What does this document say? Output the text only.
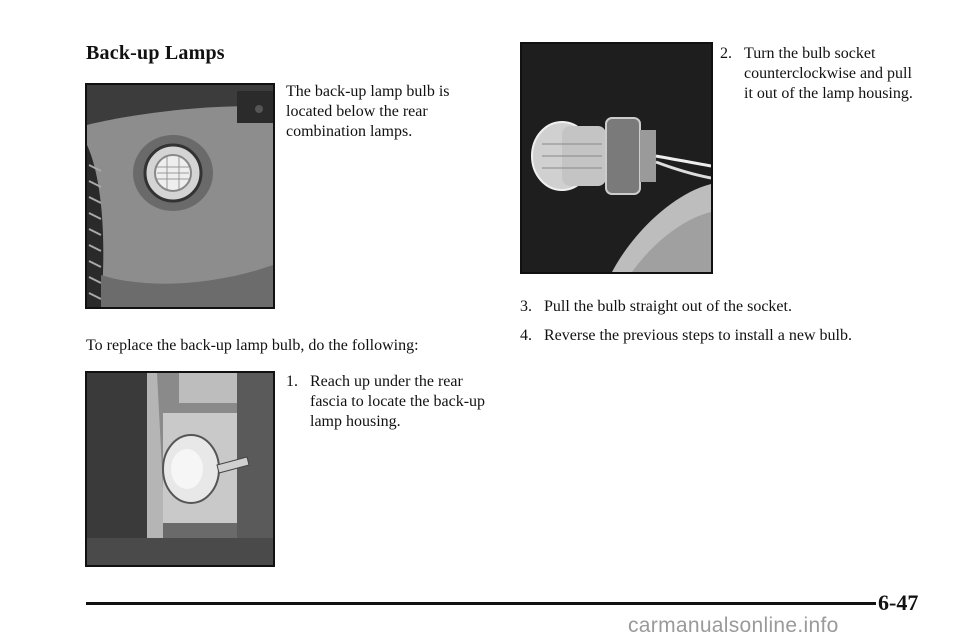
Back-up Lamps
The back-up lamp bulb is located below the rear combination lamps.
To replace the back-up lamp bulb, do the following:
1. Reach up under the rear fascia to locate the back-up lamp housing.
2. Turn the bulb socket counterclockwise and pull it out of the lamp housing.
3. Pull the bulb straight out of the socket.
4. Reverse the previous steps to install a new bulb.
6-47
carmanualsonline.info
